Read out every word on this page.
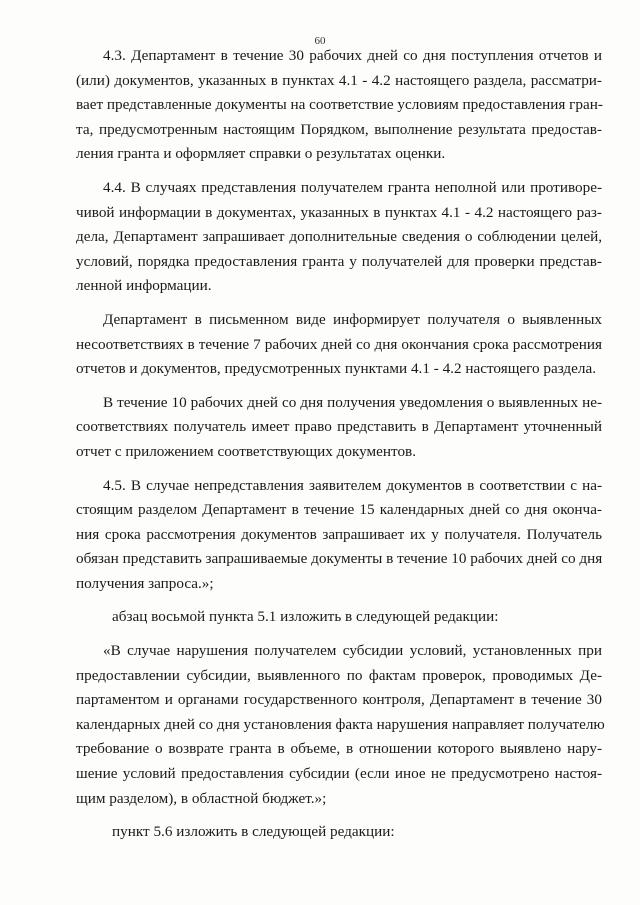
60
4.3. Департамент в течение 30 рабочих дней со дня поступления отчетов и
(или) документов, указанных в пунктах 4.1 - 4.2 настоящего раздела, рассматри-
вает представленные документы на соответствие условиям предоставления гран-
та, предусмотренным настоящим Порядком, выполнение результата предостав-
ления гранта и оформляет справки о результатах оценки.
4.4. В случаях представления получателем гранта неполной или противоре-
чивой информации в документах, указанных в пунктах 4.1 - 4.2 настоящего раз-
дела, Департамент запрашивает дополнительные сведения о соблюдении целей,
условий, порядка предоставления гранта у получателей для проверки представ-
ленной информации.
Департамент в письменном виде информирует получателя о выявленных
несоответствиях в течение 7 рабочих дней со дня окончания срока рассмотрения
отчетов и документов, предусмотренных пунктами 4.1 - 4.2 настоящего раздела.
В течение 10 рабочих дней со дня получения уведомления о выявленных не-
соответствиях получатель имеет право представить в Департамент уточненный
отчет с приложением соответствующих документов.
4.5. В случае непредставления заявителем документов в соответствии с на-
стоящим разделом Департамент в течение 15 календарных дней со дня оконча-
ния срока рассмотрения документов запрашивает их у получателя. Получатель
обязан представить запрашиваемые документы в течение 10 рабочих дней со дня
получения запроса.»;
абзац восьмой пункта 5.1 изложить в следующей редакции:
«В случае нарушения получателем субсидии условий, установленных при
предоставлении субсидии, выявленного по фактам проверок, проводимых Де-
партаментом и органами государственного контроля, Департамент в течение 30
календарных дней со дня установления факта нарушения направляет получателю
требование о возврате гранта в объеме, в отношении которого выявлено нару-
шение условий предоставления субсидии (если иное не предусмотрено настоя-
щим разделом), в областной бюджет.»;
пункт 5.6 изложить в следующей редакции:
